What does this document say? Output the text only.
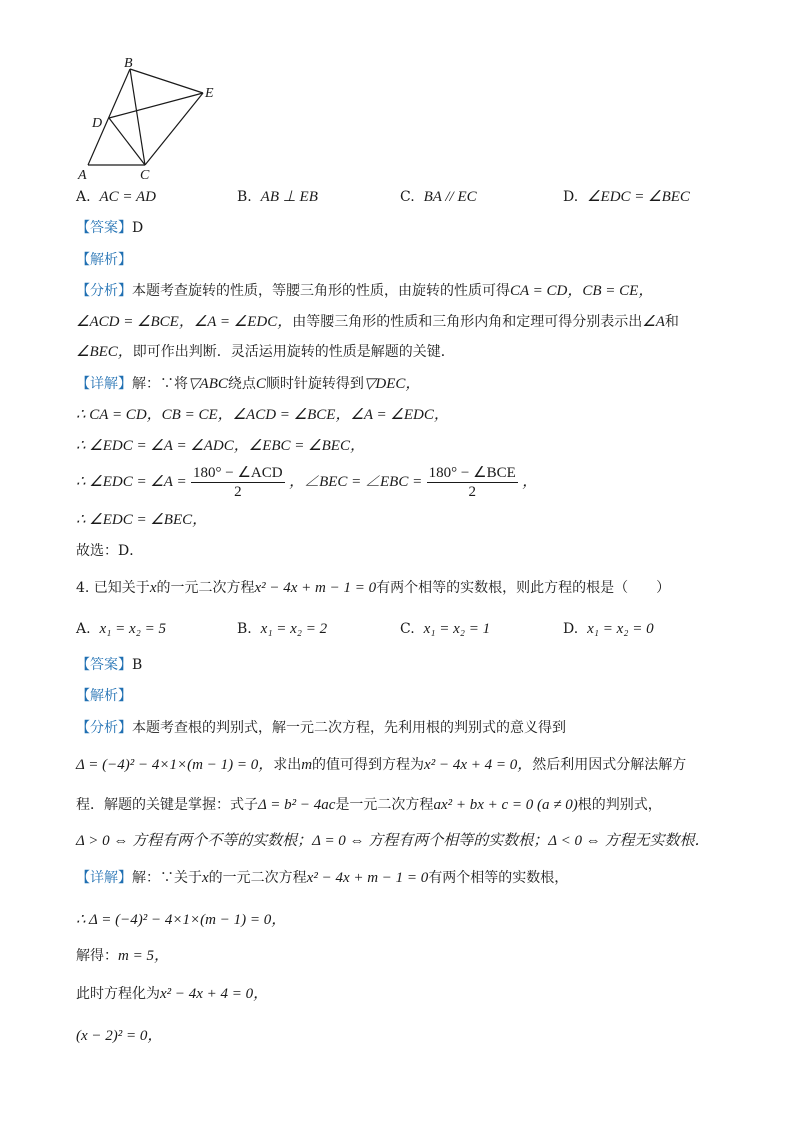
B
E
D
A	C
A. AC = AD	B. AB ⊥ EB	C. BA // EC	D. ∠EDC = ∠BEC
【答案】D
【解析】
【分析】本题考查旋转的性质，等腰三角形的性质，由旋转的性质可得CA = CD，CB = CE，
∠ACD = ∠BCE，∠A = ∠EDC，由等腰三角形的性质和三角形内角和定理可得分别表示出∠A和
∠BEC，即可作出判断．灵活运用旋转的性质是解题的关键．
【详解】解：∵将▽ABC绕点C顺时针旋转得到▽DEC，
∴ CA = CD，CB = CE，∠ACD = ∠BCE，∠A = ∠EDC，
∴ ∠EDC = ∠A = ∠ADC，∠EBC = ∠BEC，
∴ ∠EDC = ∠A = $\frac{\text{180° − ∠ACD}}{2}$ ，∠BEC = ∠EBC = $\frac{\text{180° − ∠BCE}}{2}$ ，
∴ ∠EDC = ∠BEC，
故选：D．
4. 已知关于x的一元二次方程x² − 4x + m − 1 = 0有两个相等的实数根，则此方程的根是（　　）
A. x₁ = x₂ = 5	B. x₁ = x₂ = 2	C. x₁ = x₂ = 1	D. x₁ = x₂ = 0
【答案】B
【解析】
【分析】本题考查根的判别式，解一元二次方程，先利用根的判别式的意义得到
Δ = (−4)² − 4×1×(m − 1) = 0，求出m的值可得到方程为x² − 4x + 4 = 0，然后利用因式分解法解方
程．解题的关键是掌握：式子Δ = b² − 4ac是一元二次方程ax² + bx + c = 0 (a ≠ 0)根的判别式，
Δ > 0 ⇔ 方程有两个不等的实数根；Δ = 0 ⇔ 方程有两个相等的实数根；Δ < 0 ⇔ 方程无实数根．
【详解】解：∵关于x的一元二次方程x² − 4x + m − 1 = 0有两个相等的实数根，
∴ Δ = (−4)² − 4×1×(m − 1) = 0，
解得：m = 5，
此时方程化为x² − 4x + 4 = 0，
(x − 2)² = 0，
